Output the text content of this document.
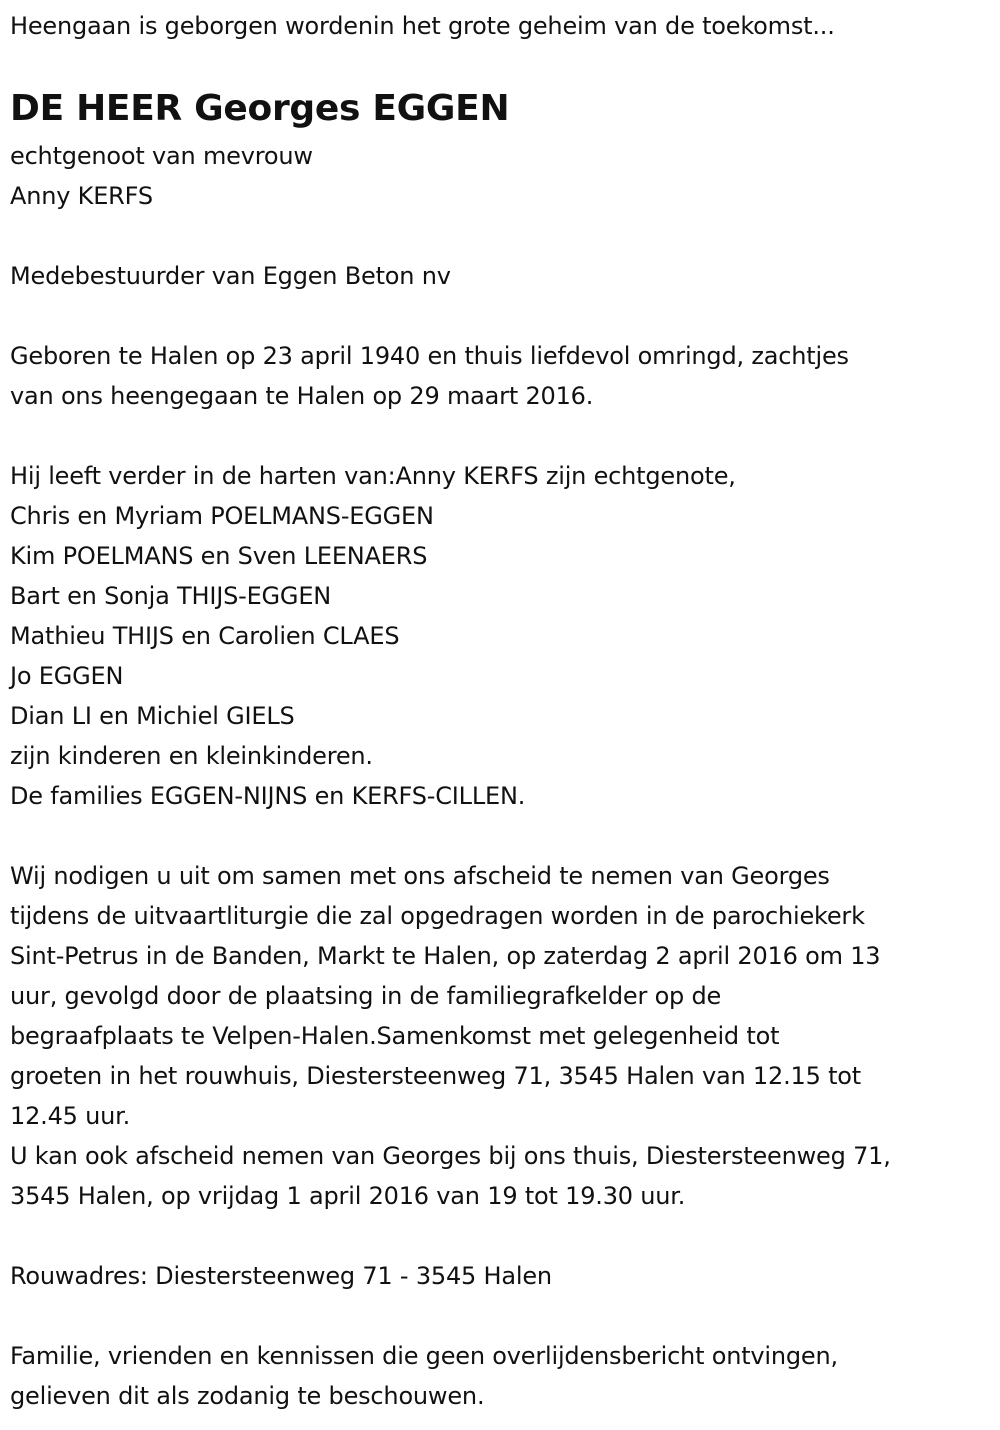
Heengaan is geborgen wordenin het grote geheim van de toekomst...
DE HEER Georges EGGEN
echtgenoot van mevrouw
Anny KERFS
Medebestuurder van Eggen Beton nv
Geboren te Halen op 23 april 1940 en thuis liefdevol omringd, zachtjes
van ons heengegaan te Halen op 29 maart 2016.
Hij leeft verder in de harten van:Anny KERFS zijn echtgenote,
Chris en Myriam POELMANS-EGGEN
Kim POELMANS en Sven LEENAERS
Bart en Sonja THIJS-EGGEN
Mathieu THIJS en Carolien CLAES
Jo EGGEN
Dian LI en Michiel GIELS
zijn kinderen en kleinkinderen.
De families EGGEN-NIJNS en KERFS-CILLEN.
Wij nodigen u uit om samen met ons afscheid te nemen van Georges
tijdens de uitvaartliturgie die zal opgedragen worden in de parochiekerk
Sint-Petrus in de Banden, Markt te Halen, op zaterdag 2 april 2016 om 13
uur, gevolgd door de plaatsing in de familiegrafkelder op de
begraafplaats te Velpen-Halen.Samenkomst met gelegenheid tot
groeten in het rouwhuis, Diestersteenweg 71, 3545 Halen van 12.15 tot
12.45 uur.
U kan ook afscheid nemen van Georges bij ons thuis, Diestersteenweg 71,
3545 Halen, op vrijdag 1 april 2016 van 19 tot 19.30 uur.
Rouwadres: Diestersteenweg 71 - 3545 Halen
Familie, vrienden en kennissen die geen overlijdensbericht ontvingen,
gelieven dit als zodanig te beschouwen.
